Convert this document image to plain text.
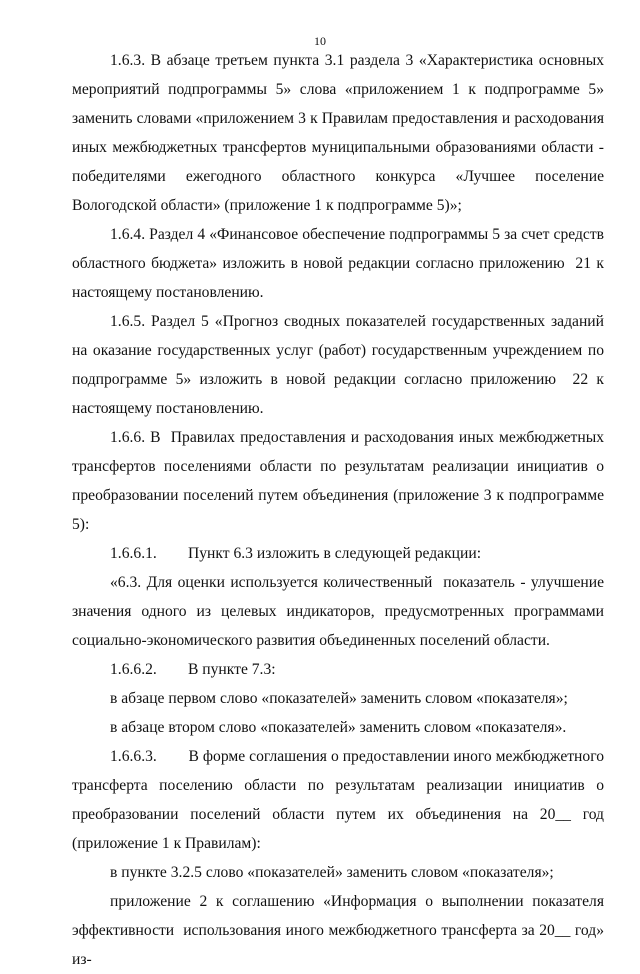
10

1.6.3. В абзаце третьем пункта 3.1 раздела 3 «Характеристика основных мероприятий подпрограммы 5» слова «приложением 1 к подпрограмме 5» заменить словами «приложением 3 к Правилам предоставления и расходования иных межбюджетных трансфертов муниципальными образованиями области - победителями ежегодного областного конкурса «Лучшее поселение Вологодской области» (приложение 1 к подпрограмме 5)»;

1.6.4. Раздел 4 «Финансовое обеспечение подпрограммы 5 за счет средств областного бюджета» изложить в новой редакции согласно приложению  21 к настоящему постановлению.

1.6.5. Раздел 5 «Прогноз сводных показателей государственных заданий на оказание государственных услуг (работ) государственным учреждением по подпрограмме 5» изложить в новой редакции согласно приложению  22 к настоящему постановлению.

1.6.6. В  Правилах предоставления и расходования иных межбюджетных трансфертов поселениями области по результатам реализации инициатив о преобразовании поселений путем объединения (приложение 3 к подпрограмме 5):

1.6.6.1.        Пункт 6.3 изложить в следующей редакции:

«6.3. Для оценки используется количественный  показатель - улучшение значения одного из целевых индикаторов, предусмотренных программами социально-экономического развития объединенных поселений области.

1.6.6.2.        В пункте 7.3:

в абзаце первом слово «показателей» заменить словом «показателя»;

в абзаце втором слово «показателей» заменить словом «показателя».

1.6.6.3.        В форме соглашения о предоставлении иного межбюджетного трансферта поселению области по результатам реализации инициатив о преобразовании поселений области путем их объединения на 20__ год (приложение 1 к Правилам):

в пункте 3.2.5 слово «показателей» заменить словом «показателя»;

приложение 2 к соглашению «Информация о выполнении показателя эффективности  использования иного межбюджетного трансферта за 20__ год» из-
